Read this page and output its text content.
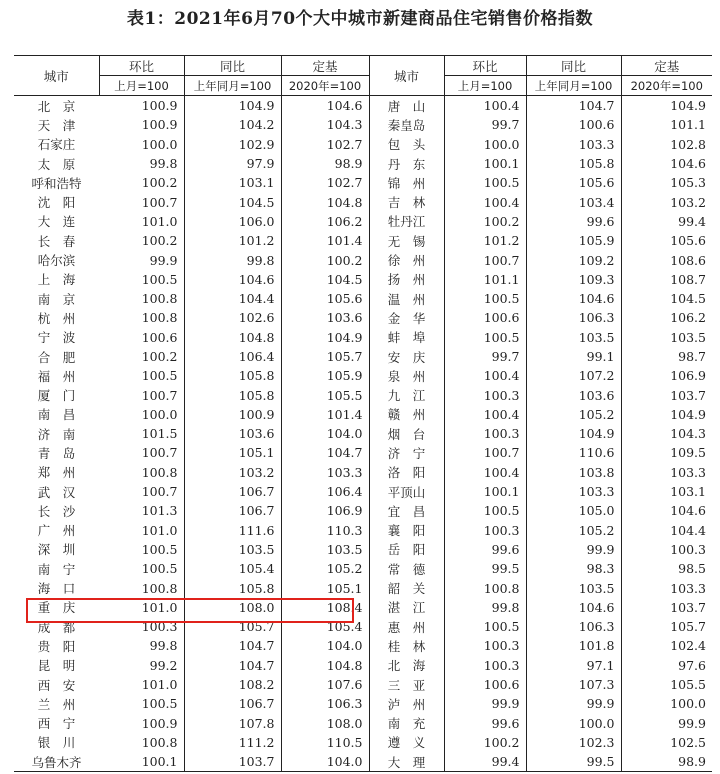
表1：2021年6月70个大中城市新建商品住宅销售价格指数
城市	环比	同比	定基	城市	环比	同比	定基
	上月=100	上年同月=100	2020年=100		上月=100	上年同月=100	2020年=100
北　京	100.9	104.9	104.6	唐　山	100.4	104.7	104.9
天　津	100.9	104.2	104.3	秦皇岛	99.7	100.6	101.1
石家庄	100.0	102.9	102.7	包　头	100.0	103.3	102.8
太　原	99.8	97.9	98.9	丹　东	100.1	105.8	104.6
呼和浩特	100.2	103.1	102.7	锦　州	100.5	105.6	105.3
沈　阳	100.7	104.5	104.8	吉　林	100.4	103.4	103.2
大　连	101.0	106.0	106.2	牡丹江	100.2	99.6	99.4
长　春	100.2	101.2	101.4	无　锡	101.2	105.9	105.6
哈尔滨	99.9	99.8	100.2	徐　州	100.7	109.2	108.6
上　海	100.5	104.6	104.5	扬　州	101.1	109.3	108.7
南　京	100.8	104.4	105.6	温　州	100.5	104.6	104.5
杭　州	100.8	102.6	103.6	金　华	100.6	106.3	106.2
宁　波	100.6	104.8	104.9	蚌　埠	100.5	103.5	103.5
合　肥	100.2	106.4	105.7	安　庆	99.7	99.1	98.7
福　州	100.5	105.8	105.9	泉　州	100.4	107.2	106.9
厦　门	100.7	105.8	105.5	九　江	100.3	103.6	103.7
南　昌	100.0	100.9	101.4	赣　州	100.4	105.2	104.9
济　南	101.5	103.6	104.0	烟　台	100.3	104.9	104.3
青　岛	100.7	105.1	104.7	济　宁	100.7	110.6	109.5
郑　州	100.8	103.2	103.3	洛　阳	100.4	103.8	103.3
武　汉	100.7	106.7	106.4	平顶山	100.1	103.3	103.1
长　沙	101.3	106.7	106.9	宜　昌	100.5	105.0	104.6
广　州	101.0	111.6	110.3	襄　阳	100.3	105.2	104.4
深　圳	100.5	103.5	103.5	岳　阳	99.6	99.9	100.3
南　宁	100.5	105.4	105.2	常　德	99.5	98.3	98.5
海　口	100.8	105.8	105.1	韶　关	100.8	103.5	103.3
重　庆	101.0	108.0	108.4	湛　江	99.8	104.6	103.7
成　都	100.3	105.7	105.4	惠　州	100.5	106.3	105.7
贵　阳	99.8	104.7	104.0	桂　林	100.3	101.8	102.4
昆　明	99.2	104.7	104.8	北　海	100.3	97.1	97.6
西　安	101.0	108.2	107.6	三　亚	100.6	107.3	105.5
兰　州	100.5	106.7	106.3	泸　州	99.9	99.9	100.0
西　宁	100.9	107.8	108.0	南　充	99.6	100.0	99.9
银　川	100.8	111.2	110.5	遵　义	100.2	102.3	102.5
乌鲁木齐	100.1	103.7	104.0	大　理	99.4	99.5	98.9
